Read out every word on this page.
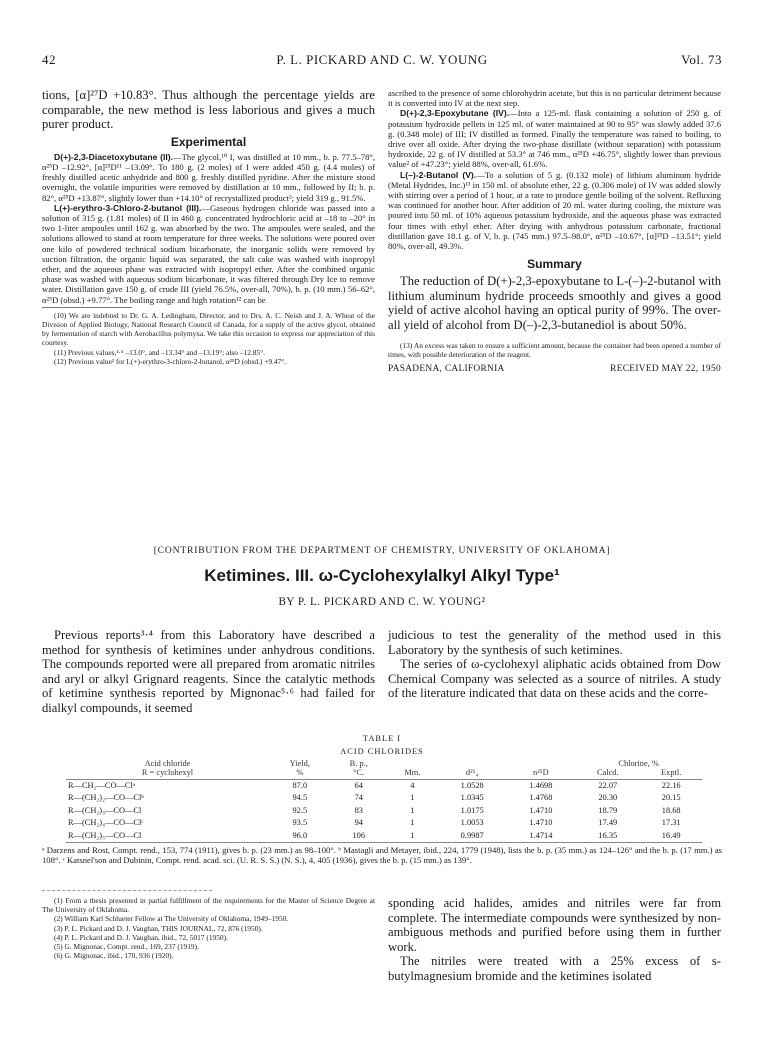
42	P. L. PICKARD AND C. W. YOUNG	Vol. 73

tions, [α]²⁷D +10.83°. Thus although the percentage yields are comparable, the new method is less laborious and gives a much purer product.

Experimental

D(+)-2,3-Diacetoxybutane (II).—The glycol,¹⁰ I, was distilled at 10 mm., b. p. 77.5–78°, α²⁵D –12.92°, [α]²⁵D¹¹ –13.09°. To 180 g. (2 moles) of I were added 450 g. (4.4 moles) of freshly distilled acetic anhydride and 800 g. freshly distilled pyridine. After the mixture stood overnight, the volatile impurities were removed by distillation at 10 mm., followed by II; b. p. 82°, α²⁵D +13.87°, slightly lower than +14.10° of recrystallized product²; yield 319 g., 91.5%.

L(+)-erythro-3-Chloro-2-butanol (III).—Gaseous hydrogen chloride was passed into a solution of 315 g. (1.81 moles) of II in 460 g. concentrated hydrochloric acid at –18 to –20° in two 1-liter ampoules until 162 g. was absorbed by the two. The ampoules were sealed, and the solutions allowed to stand at room temperature for three weeks. The solutions were poured over one kilo of powdered technical sodium bicarbonate, the inorganic solids were removed by suction filtration, the organic liquid was separated, the salt cake was washed with isopropyl ether, and the aqueous phase was extracted with isopropyl ether. After the combined organic phase was washed with aqueous sodium bicarbonate, it was filtered through Dry Ice to remove water. Distillation gave 150 g. of crude III (yield 76.5%, over-all, 70%), b. p. (10 mm.) 56–62°, α²⁵D (obsd.) +9.77°. The boiling range and high rotation¹² can be

(10) We are indebted to Dr. G. A. Ledingham, Director, and to Drs. A. C. Neish and J. A. Wheat of the Division of Applied Biology, National Research Council of Canada, for a supply of the active glycol, obtained by fermentation of starch with Aerobacillus polymyxa. We take this occasion to express our appreciation of this courtesy.

(11) Previous values,¹·⁵ –13.0°, and –13.34° and –13.19°; also –12.85°.

(12) Previous value² for L(+)-erythro-3-chloro-2-butanol, α²⁵D (obsd.) +9.47°.

ascribed to the presence of some chlorohydrin acetate, but this is no particular detriment because it is converted into IV at the next step.

D(+)-2,3-Epoxybutane (IV).—Into a 125-ml. flask containing a solution of 250 g. of potassium hydroxide pellets in 125 ml. of water maintained at 90 to 95° was slowly added 37.6 g. (0.348 mole) of III; IV distilled as formed. Finally the temperature was raised to boiling, to drive over all oxide. After drying the two-phase distillate (without separation) with potassium hydroxide, 22 g. of IV distilled at 53.3° at 746 mm., α²⁵D +46.75°, slightly lower than previous value² of +47.23°; yield 88%, over-all, 61.6%.

L(–)-2-Butanol (V).—To a solution of 5 g. (0.132 mole) of lithium aluminum hydride (Metal Hydrides, Inc.)¹³ in 150 ml. of absolute ether, 22 g. (0.306 mole) of IV was added slowly with stirring over a period of 1 hour, at a rate to produce gentle boiling of the solvent. Refluxing was continued for another hour. After addition of 20 ml. water during cooling, the mixture was poured into 50 ml. of 10% aqueous potassium hydroxide, and the aqueous phase was extracted four times with ethyl ether. After drying with anhydrous potassium carbonate, fractional distillation gave 18.1 g. of V, b. p. (745 mm.) 97.5–98.0°, α²⁵D –10.67°, [α]²⁵D –13.51°; yield 80%, over-all, 49.3%.

Summary

The reduction of D(+)-2,3-epoxybutane to L-(–)-2-butanol with lithium aluminum hydride proceeds smoothly and gives a good yield of active alcohol having an optical purity of 99%. The over-all yield of alcohol from D(–)-2,3-butanediol is about 50%.

(13) An excess was taken to ensure a sufficient amount, because the container had been opened a number of times, with possible deterioration of the reagent.

PASADENA, CALIFORNIA	RECEIVED MAY 22, 1950
[CONTRIBUTION FROM THE DEPARTMENT OF CHEMISTRY, UNIVERSITY OF OKLAHOMA]
Ketimines. III. ω-Cyclohexylalkyl Alkyl Type¹
BY P. L. PICKARD AND C. W. YOUNG²

Previous reports³·⁴ from this Laboratory have described a method for synthesis of ketimines under anhydrous conditions. The compounds reported were all prepared from aromatic nitriles and aryl or alkyl Grignard reagents. Since the catalytic methods of ketimine synthesis reported by Mignonac⁵·⁶ had failed for dialkyl compounds, it seemed

judicious to test the generality of the method used in this Laboratory by the synthesis of such ketimines.

The series of ω-cyclohexyl aliphatic acids obtained from Dow Chemical Company was selected as a source of nitriles. A study of the literature indicated that data on these acids and the corre-

TABLE I
ACID CHLORIDES
Acid chloride	Yield,	B. p.,				Chlorine, %	
R = cyclohexyl	%	°C.	Mm.	d²⁵₄	n²⁵D	Calcd.	Exptl.
R—CH₂—CO—Clᵃ	87.0	64	4	1.0528	1.4698	22.07	22.16
R—(CH₂)₂—CO—Clᵇ	94.5	74	1	1.0345	1.4768	20.30	20.15
R—(CH₂)₃—CO—Cl	92.5	83	1	1.0175	1.4710	18.79	18.68
R—(CH₂)₄—CO—Clᶜ	93.5	94	1	1.0053	1.4710	17.49	17.31
R—(CH₂)₅—CO—Cl	96.0	106	1	0.9987	1.4714	16.35	16.49
ᵃ Darzens and Rost, Compt. rend., 153, 774 (1911), gives b. p. (23 mm.) as 98–100°. ᵇ Mastagli and Metayer, ibid., 224, 1779 (1948), lists the b. p. (35 mm.) as 124–126° and the b. p. (17 mm.) as 108°. ᶜ Katsnel'son and Dubinin, Compt. rend. acad. sci. (U. R. S. S.) (N. S.), 4, 405 (1936), gives the b. p. (15 mm.) as 139°.

(1) From a thesis presented in partial fulfillment of the requirements for the Master of Science Degree at The University of Oklahoma.

(2) William Karl Schlueter Fellow at The University of Oklahoma, 1949–1950.

(3) P. L. Pickard and D. J. Vaughan, THIS JOURNAL, 72, 876 (1950).

(4) P. L. Pickard and D. J. Vaughan, ibid., 72, 5017 (1950).

(5) G. Mignonac, Compt. rend., 169, 237 (1919).

(6) G. Mignonac, ibid., 170, 936 (1920).

sponding acid halides, amides and nitriles were far from complete. The intermediate compounds were synthesized by non-ambiguous methods and purified before using them in further work.

The nitriles were treated with a 25% excess of s-butylmagnesium bromide and the ketimines isolated
